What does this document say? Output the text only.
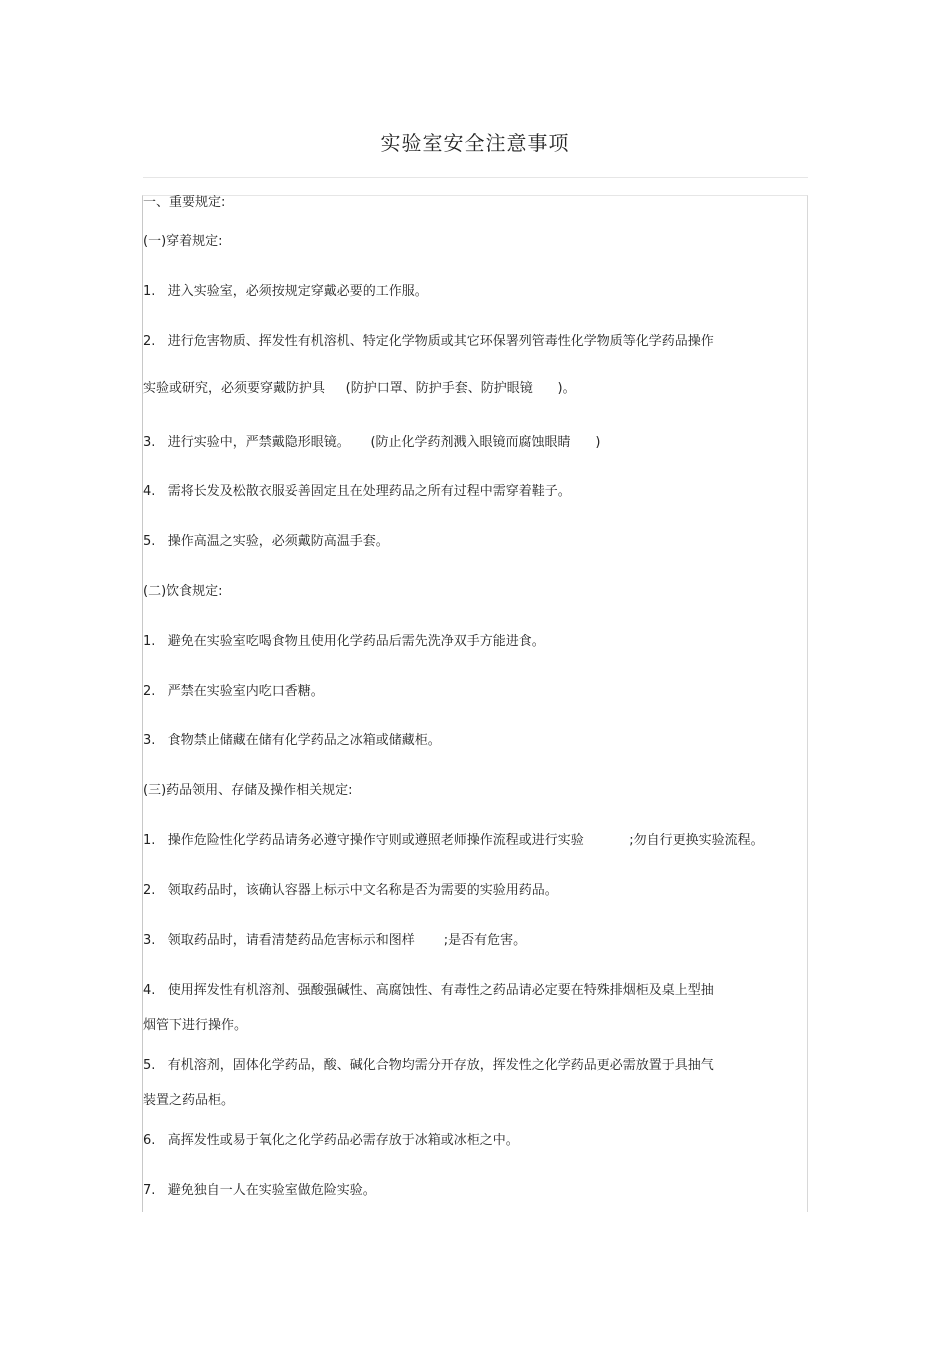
实验室安全注意事项
一、重要规定:
(一)穿着规定:
1.   进入实验室，必须按规定穿戴必要的工作服。
2.   进行危害物质、挥发性有机溶机、特定化学物质或其它环保署列管毒性化学物质等化学药品操作
实验或研究，必须要穿戴防护具     (防护口罩、防护手套、防护眼镜      )。
3.   进行实验中，严禁戴隐形眼镜。     (防止化学药剂溅入眼镜而腐蚀眼睛      )
4.   需将长发及松散衣服妥善固定且在处理药品之所有过程中需穿着鞋子。
5.   操作高温之实验，必须戴防高温手套。
(二)饮食规定:
1.   避免在实验室吃喝食物且使用化学药品后需先洗净双手方能进食。
2.   严禁在实验室内吃口香糖。
3.   食物禁止储藏在储有化学药品之冰箱或储藏柜。
(三)药品领用、存储及操作相关规定:
1.   操作危险性化学药品请务必遵守操作守则或遵照老师操作流程或进行实验           ;勿自行更换实验流程。
2.   领取药品时，该确认容器上标示中文名称是否为需要的实验用药品。
3.   领取药品时，请看清楚药品危害标示和图样       ;是否有危害。
4.   使用挥发性有机溶剂、强酸强碱性、高腐蚀性、有毒性之药品请必定要在特殊排烟柜及桌上型抽
烟管下进行操作。
5.   有机溶剂，固体化学药品，酸、碱化合物均需分开存放，挥发性之化学药品更必需放置于具抽气
装置之药品柜。
6.   高挥发性或易于氧化之化学药品必需存放于冰箱或冰柜之中。
7.   避免独自一人在实验室做危险实验。
